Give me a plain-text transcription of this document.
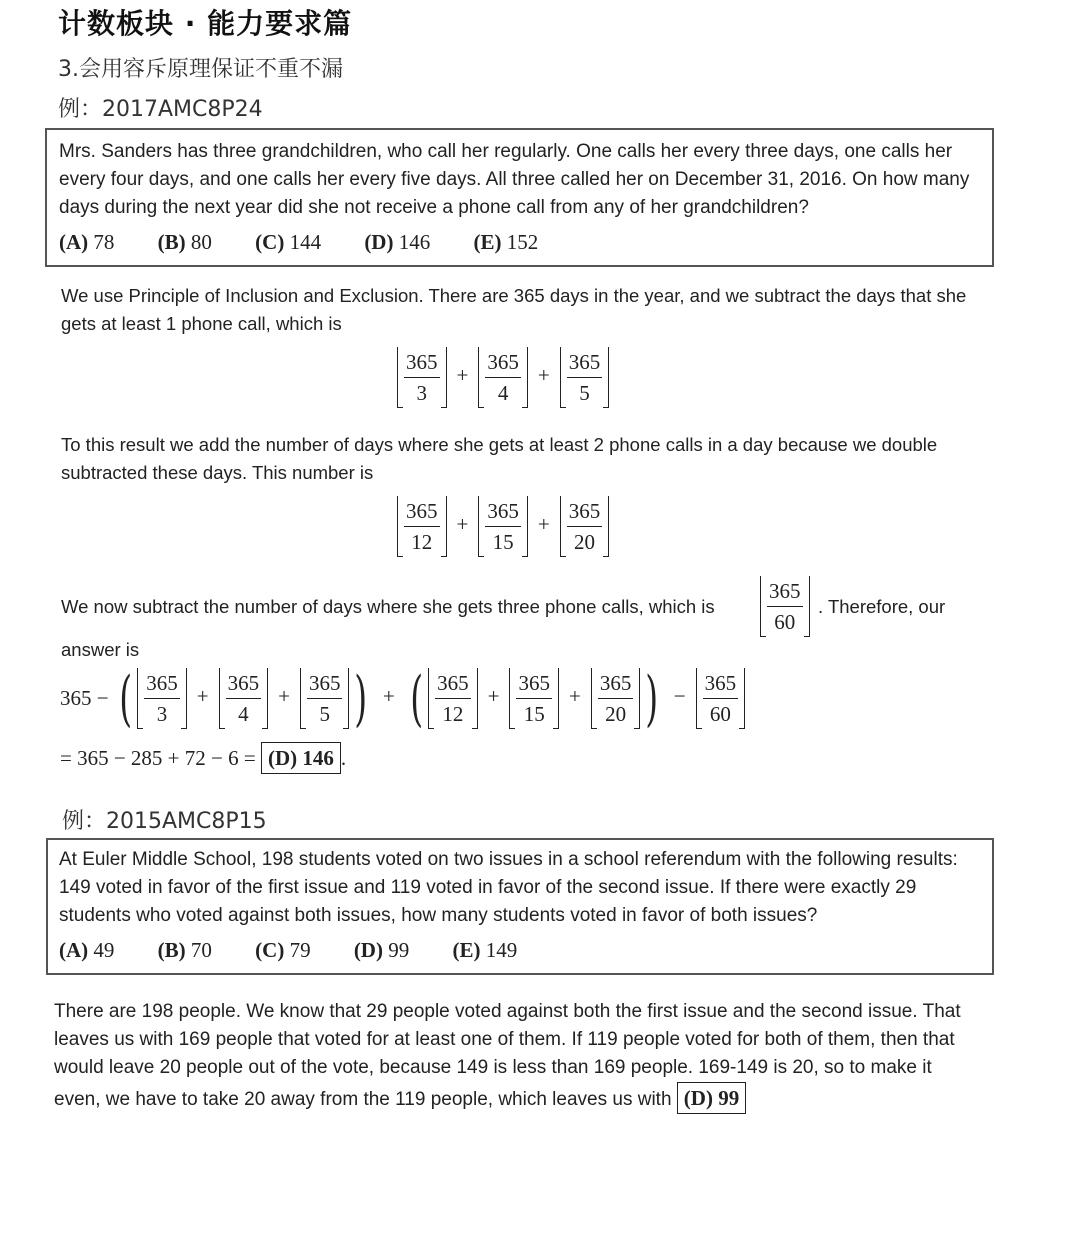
计数板块 · 能力要求篇
3.会用容斥原理保证不重不漏
例：2017AMC8P24
Mrs. Sanders has three grandchildren, who call her regularly. One calls her every three days, one calls her every four days, and one calls her every five days. All three called her on December 31, 2016. On how many days during the next year did she not receive a phone call from any of her grandchildren?
(A) 78 (B) 80 (C) 144 (D) 146 (E) 152
We use Principle of Inclusion and Exclusion. There are 365 days in the year, and we subtract the days that she gets at least 1 phone call, which is
$\frac{365}{3} + \frac{365}{4} + \frac{365}{5}$
To this result we add the number of days where she gets at least 2 phone calls in a day because we double subtracted these days. This number is
$\frac{365}{12} + \frac{365}{15} + \frac{365}{20}$
We now subtract the number of days where she gets three phone calls, which is $\frac{365}{60}$ . Therefore, our
answer is
365 − ( $\frac{365}{3} + \frac{365}{4} + \frac{365}{5}$ ) + ( $\frac{365}{12} + \frac{365}{15} + \frac{365}{20}$ ) − $\frac{365}{60}$
= 365 − 285 + 72 − 6 = (D) 146 .
例：2015AMC8P15
At Euler Middle School, 198 students voted on two issues in a school referendum with the following results: 149 voted in favor of the first issue and 119 voted in favor of the second issue. If there were exactly 29 students who voted against both issues, how many students voted in favor of both issues?
(A) 49 (B) 70 (C) 79 (D) 99 (E) 149
There are 198 people. We know that 29 people voted against both the first issue and the second issue. That leaves us with 169 people that voted for at least one of them. If 119 people voted for both of them, then that would leave 20 people out of the vote, because 149 is less than 169 people. 169-149 is 20, so to make it even, we have to take 20 away from the 119 people, which leaves us with (D) 99
